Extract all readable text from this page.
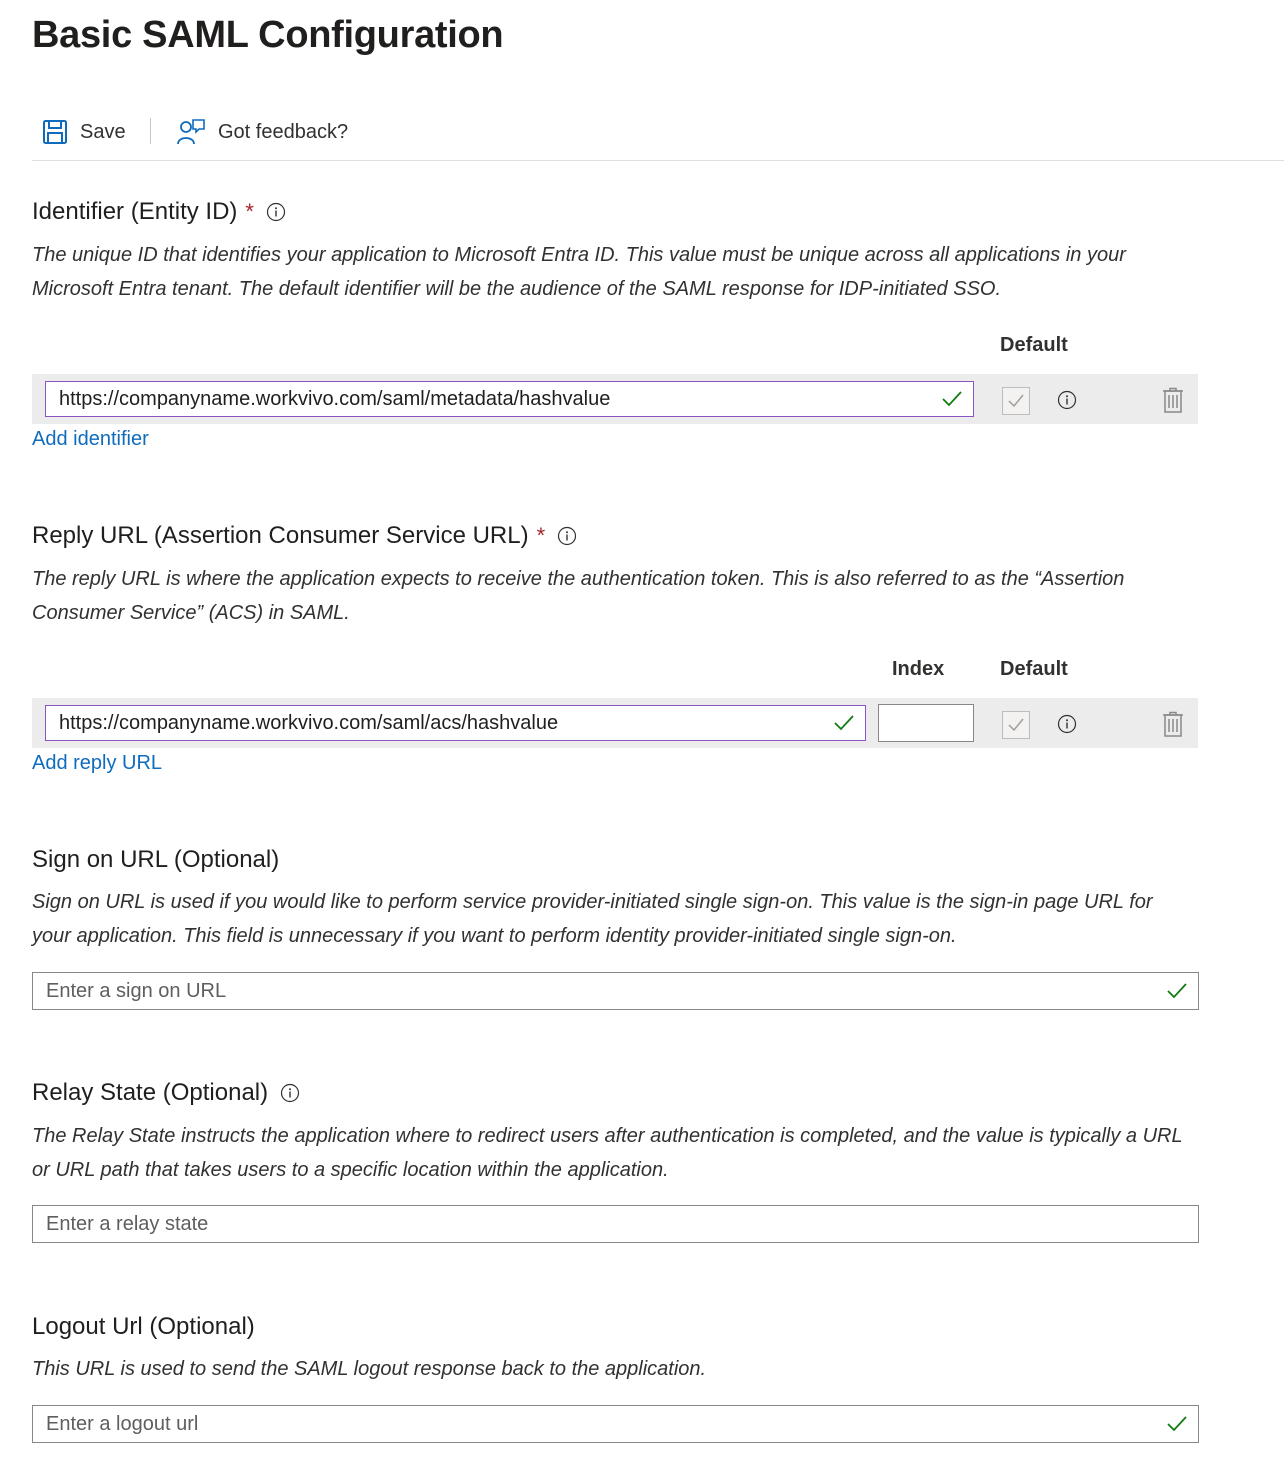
Basic SAML Configuration
Save	Got feedback?
Identifier (Entity ID) *
The unique ID that identifies your application to Microsoft Entra ID. This value must be unique across all applications in your Microsoft Entra tenant. The default identifier will be the audience of the SAML response for IDP-initiated SSO.
Default
https://companyname.workvivo.com/saml/metadata/hashvalue
Add identifier
Reply URL (Assertion Consumer Service URL) *
The reply URL is where the application expects to receive the authentication token. This is also referred to as the “Assertion Consumer Service” (ACS) in SAML.
Index	Default
https://companyname.workvivo.com/saml/acs/hashvalue
Add reply URL
Sign on URL (Optional)
Sign on URL is used if you would like to perform service provider-initiated single sign-on. This value is the sign-in page URL for your application. This field is unnecessary if you want to perform identity provider-initiated single sign-on.
Enter a sign on URL
Relay State (Optional)
The Relay State instructs the application where to redirect users after authentication is completed, and the value is typically a URL or URL path that takes users to a specific location within the application.
Enter a relay state
Logout Url (Optional)
This URL is used to send the SAML logout response back to the application.
Enter a logout url
